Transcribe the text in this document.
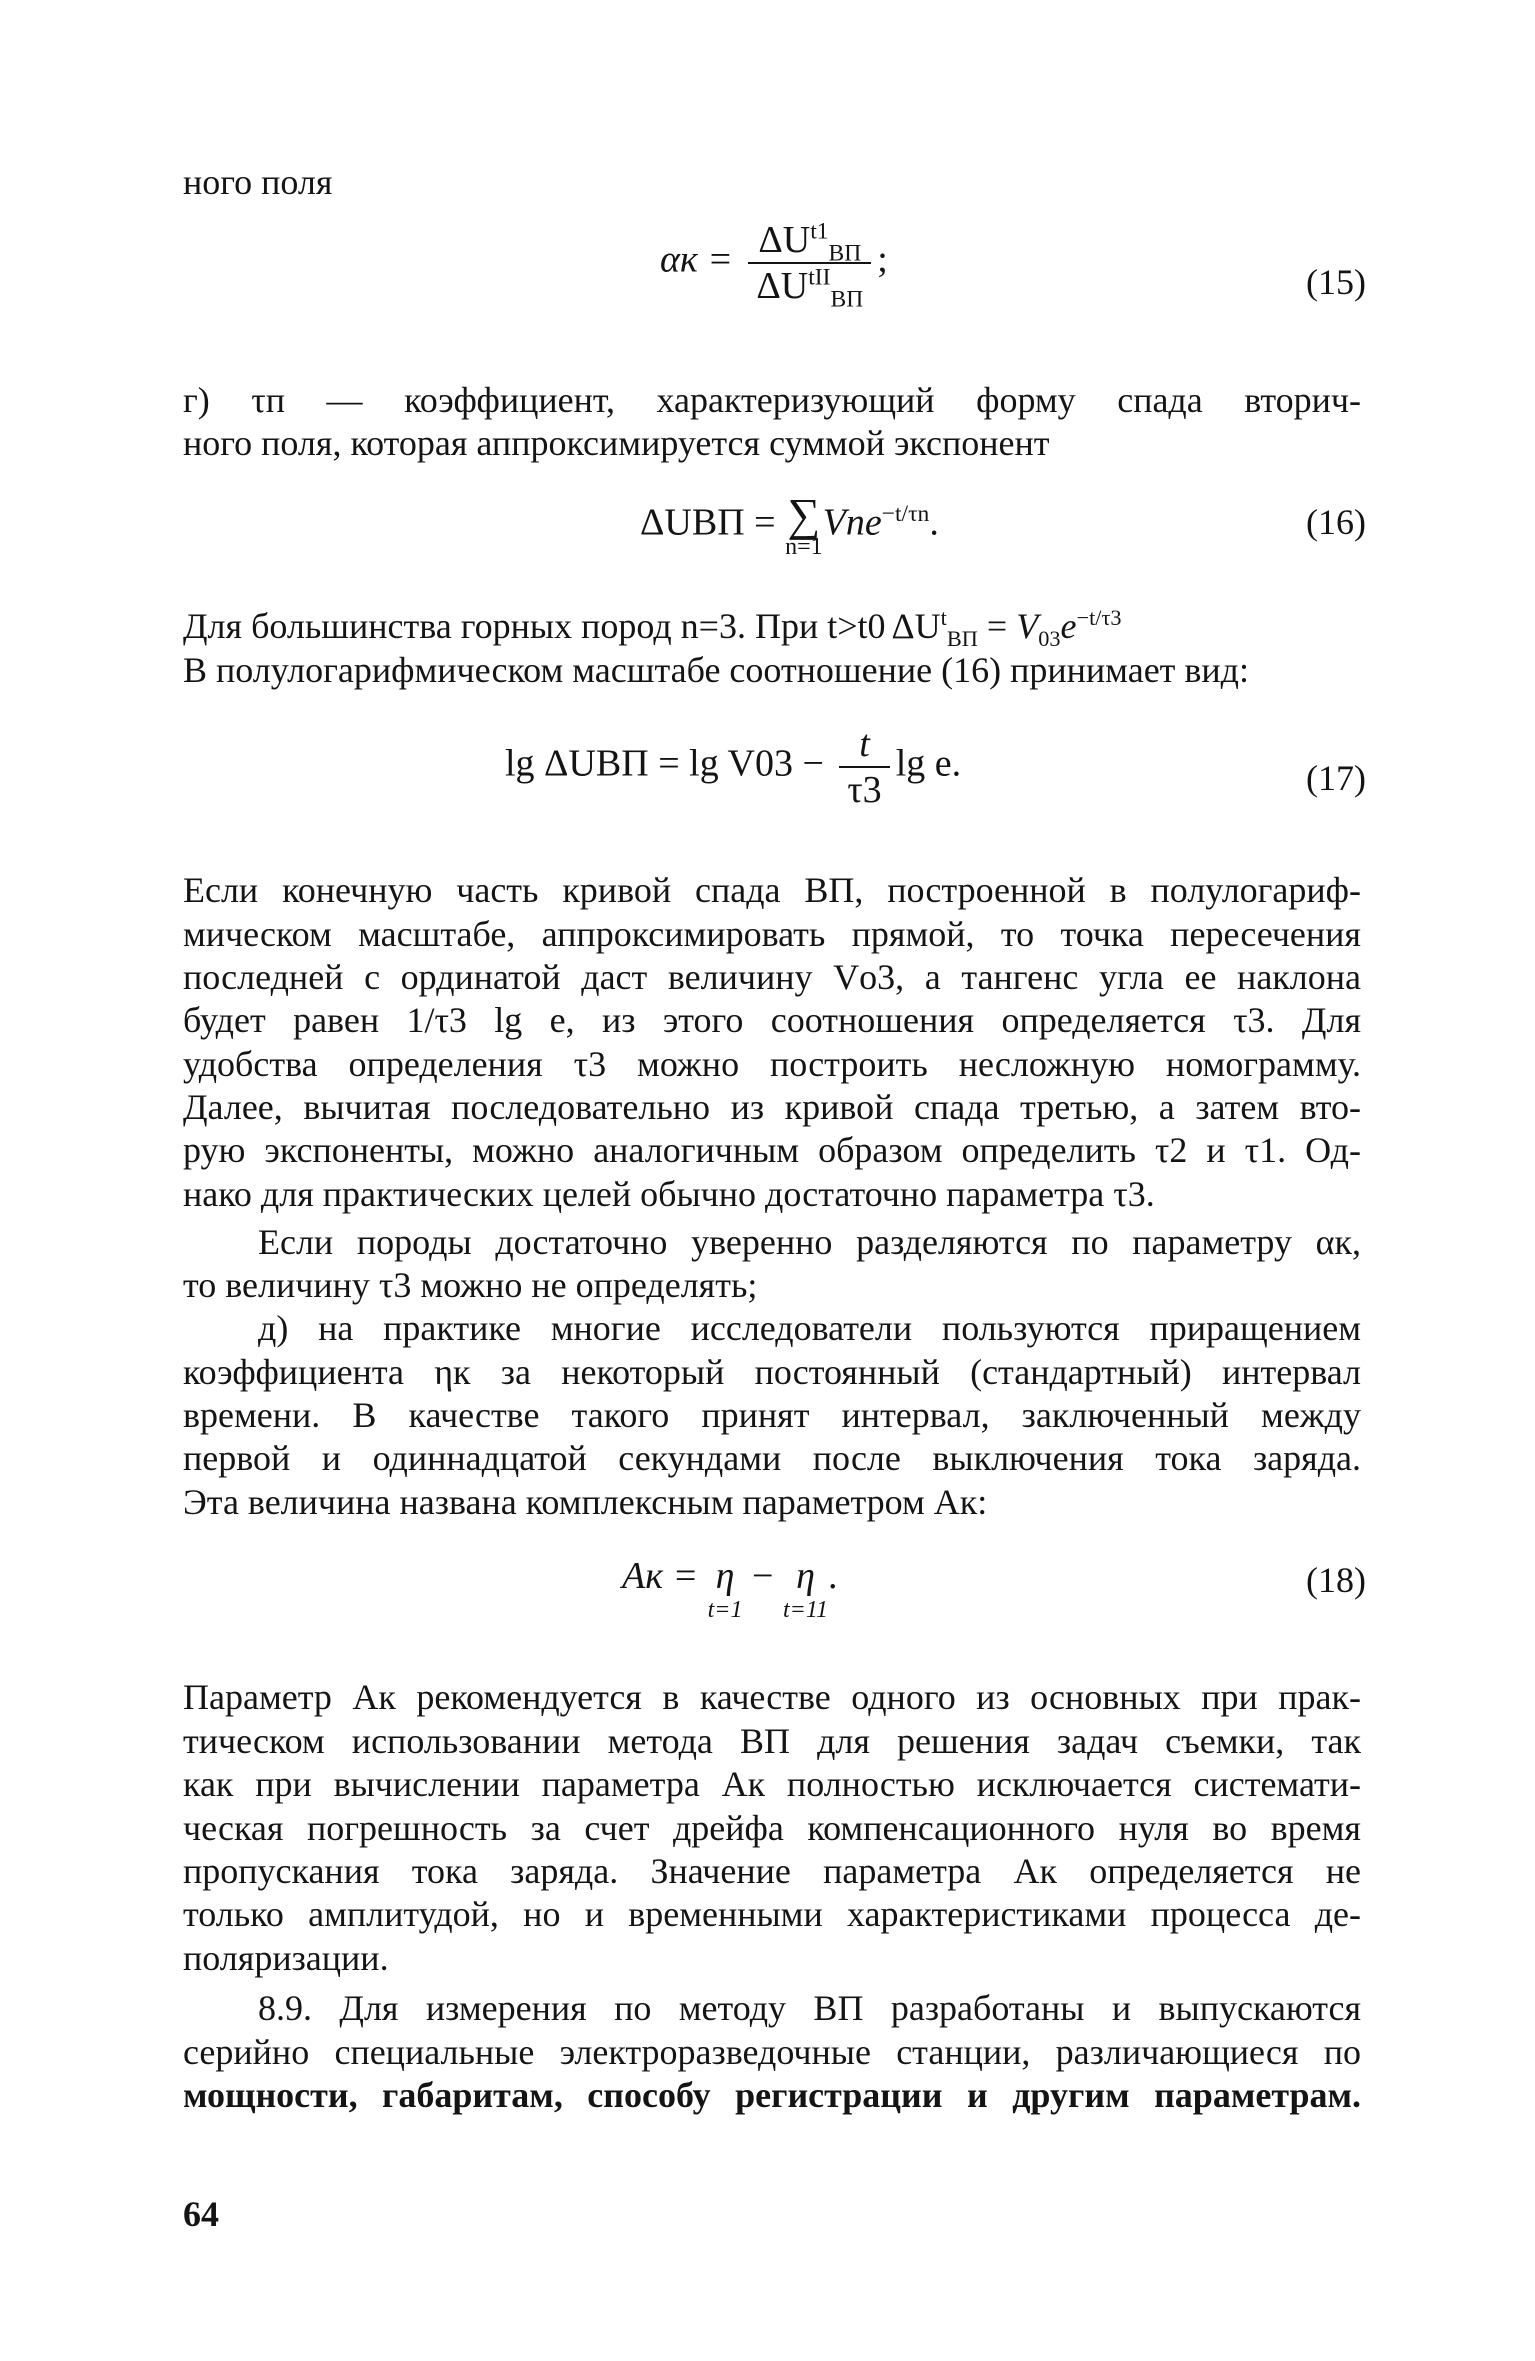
ного поля
г) τп — коэффициент, характеризующий форму спада вторич-
ного поля, которая аппроксимируется суммой экспонент
Если конечную часть кривой спада ВП, построенной в полулогариф-
мическом масштабе, аппроксимировать прямой, то точка пересечения
последней с ординатой даст величину Vо3, а тангенс угла ее наклона
будет равен 1/τ3 lg e, из этого соотношения определяется τ3. Для
удобства определения τ3 можно построить несложную номограмму.
Далее, вычитая последовательно из кривой спада третью, а затем вто-
рую экспоненты, можно аналогичным образом определить τ2 и τ1. Од-
нако для практических целей обычно достаточно параметра τ3.
Если породы достаточно уверенно разделяются по параметру αк,
то величину τ3 можно не определять;
д) на практике многие исследователи пользуются приращением
коэффициента ηк за некоторый постоянный (стандартный) интервал
времени. В качестве такого принят интервал, заключенный между
первой и одиннадцатой секундами после выключения тока заряда.
Эта величина названа комплексным параметром Aк:
Параметр Aк рекомендуется в качестве одного из основных при прак-
тическом использовании метода ВП для решения задач съемки, так
как при вычислении параметра Aк полностью исключается системати-
ческая погрешность за счет дрейфа компенсационного нуля во время
пропускания тока заряда. Значение параметра Aк определяется не
только амплитудой, но и временными характеристиками процесса де-
поляризации.
8.9. Для измерения по методу ВП разработаны и выпускаются
серийно специальные электроразведочные станции, различающиеся по
мощности, габаритам, способу регистрации и другим параметрам.
$\alpha к = \frac{\Delta U^{t1}_{ВП}}{\Delta U^{tII}_{ВП}}$ ;
(15)
ΔUВП = ∑
n=1
Vne$^{-t/\tau n}$.	(16)
Для большинства горных пород n=3. При t>t0 $\Delta U^t_{ВП} = V_{03}e^{-t/\tau 3}$
В полулогарифмическом масштабе соотношение (16) принимает вид:
$\lg \Delta UВП = \lg V03 - \frac{t}{\tau 3}$ lg e.	(17)
Aк = η
t=1
− η
t=11
.	(18)
64
